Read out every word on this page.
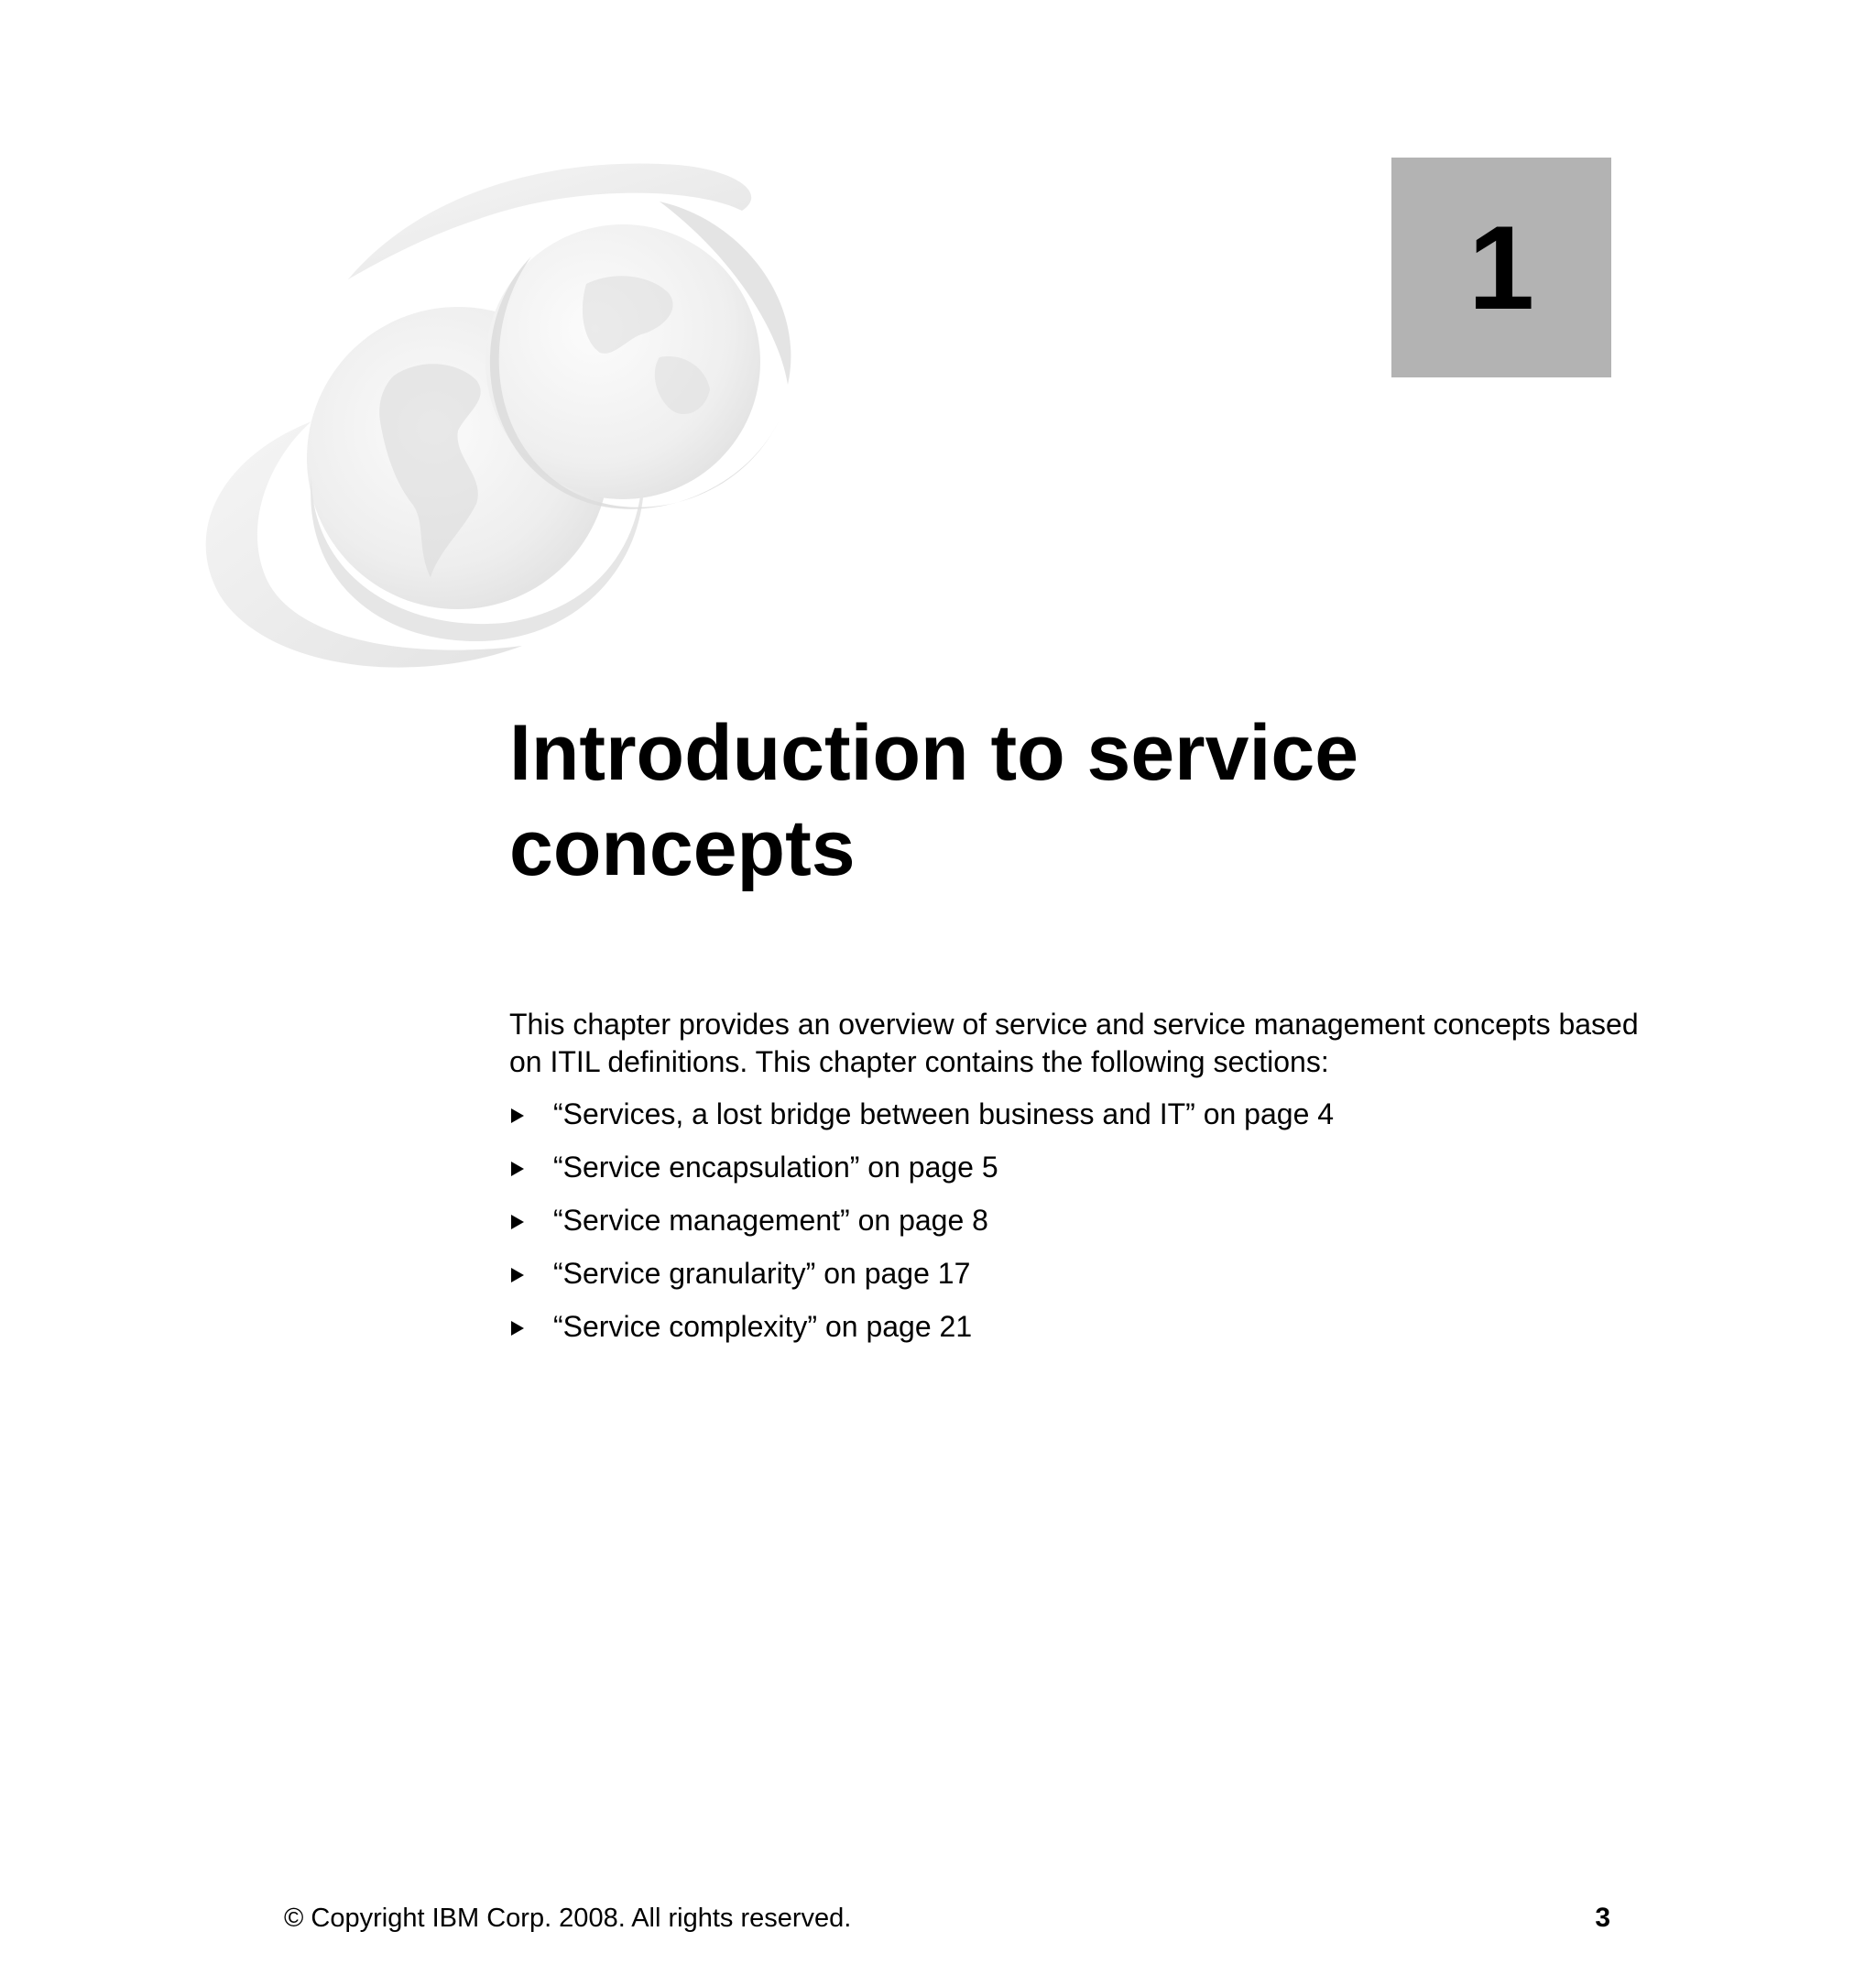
1
Introduction to service concepts

This chapter provides an overview of service and service management concepts based on ITIL definitions. This chapter contains the following sections:

“Services, a lost bridge between business and IT” on page 4
“Service encapsulation” on page 5
“Service management” on page 8
“Service granularity” on page 17
“Service complexity” on page 21
© Copyright IBM Corp. 2008. All rights reserved.	3
